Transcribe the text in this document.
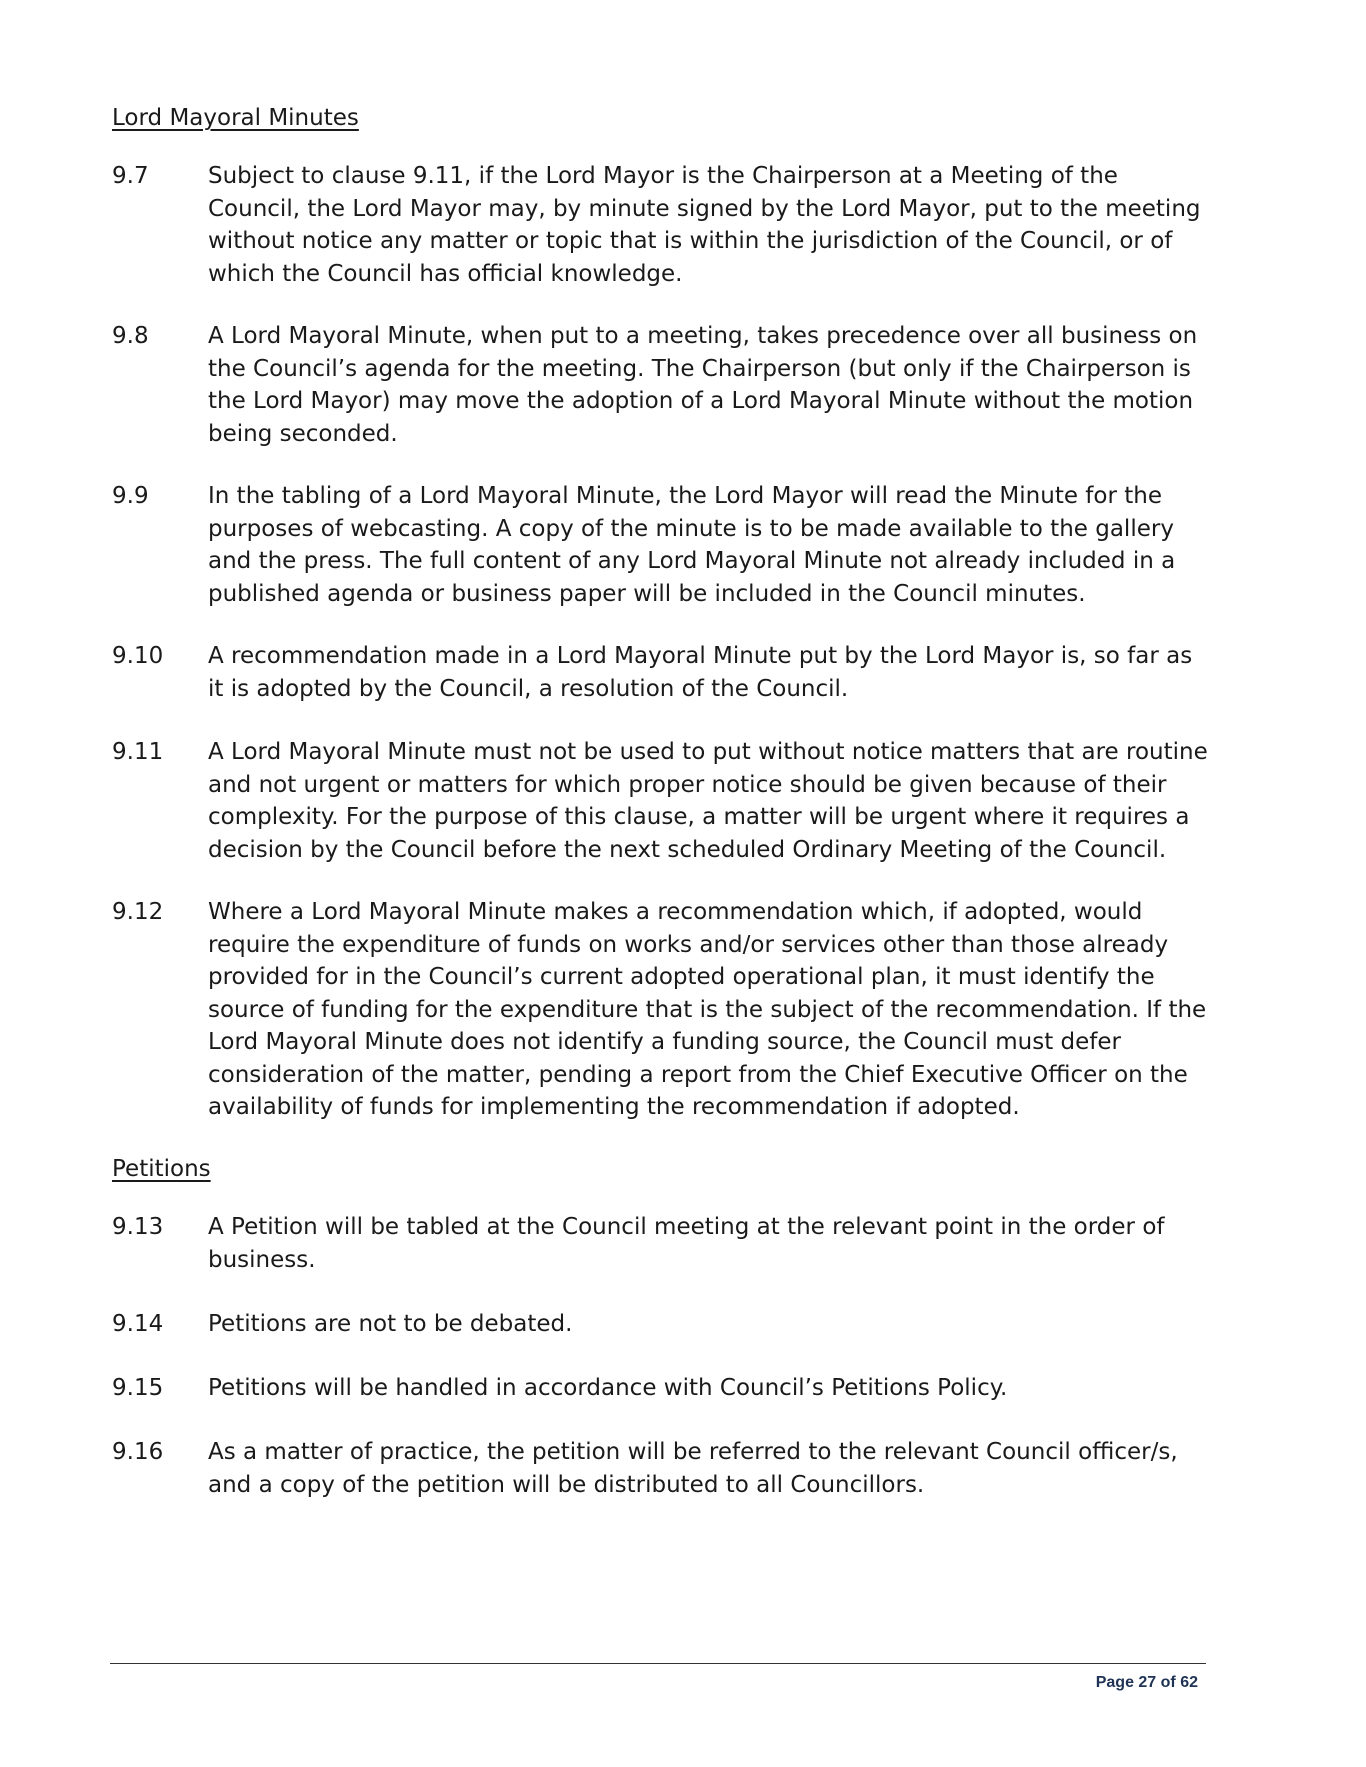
Lord Mayoral Minutes
9.7	Subject to clause 9.11, if the Lord Mayor is the Chairperson at a Meeting of the Council, the Lord Mayor may, by minute signed by the Lord Mayor, put to the meeting without notice any matter or topic that is within the jurisdiction of the Council, or of which the Council has official knowledge.
9.8	A Lord Mayoral Minute, when put to a meeting, takes precedence over all business on the Council’s agenda for the meeting. The Chairperson (but only if the Chairperson is the Lord Mayor) may move the adoption of a Lord Mayoral Minute without the motion being seconded.
9.9	In the tabling of a Lord Mayoral Minute, the Lord Mayor will read the Minute for the purposes of webcasting. A copy of the minute is to be made available to the gallery and the press. The full content of any Lord Mayoral Minute not already included in a published agenda or business paper will be included in the Council minutes.
9.10	A recommendation made in a Lord Mayoral Minute put by the Lord Mayor is, so far as it is adopted by the Council, a resolution of the Council.
9.11	A Lord Mayoral Minute must not be used to put without notice matters that are routine and not urgent or matters for which proper notice should be given because of their complexity. For the purpose of this clause, a matter will be urgent where it requires a decision by the Council before the next scheduled Ordinary Meeting of the Council.
9.12	Where a Lord Mayoral Minute makes a recommendation which, if adopted, would require the expenditure of funds on works and/or services other than those already provided for in the Council’s current adopted operational plan, it must identify the source of funding for the expenditure that is the subject of the recommendation. If the Lord Mayoral Minute does not identify a funding source, the Council must defer consideration of the matter, pending a report from the Chief Executive Officer on the availability of funds for implementing the recommendation if adopted.
Petitions
9.13	A Petition will be tabled at the Council meeting at the relevant point in the order of business.
9.14	Petitions are not to be debated.
9.15	Petitions will be handled in accordance with Council’s Petitions Policy.
9.16	As a matter of practice, the petition will be referred to the relevant Council officer/s, and a copy of the petition will be distributed to all Councillors.
Page 27 of 62
